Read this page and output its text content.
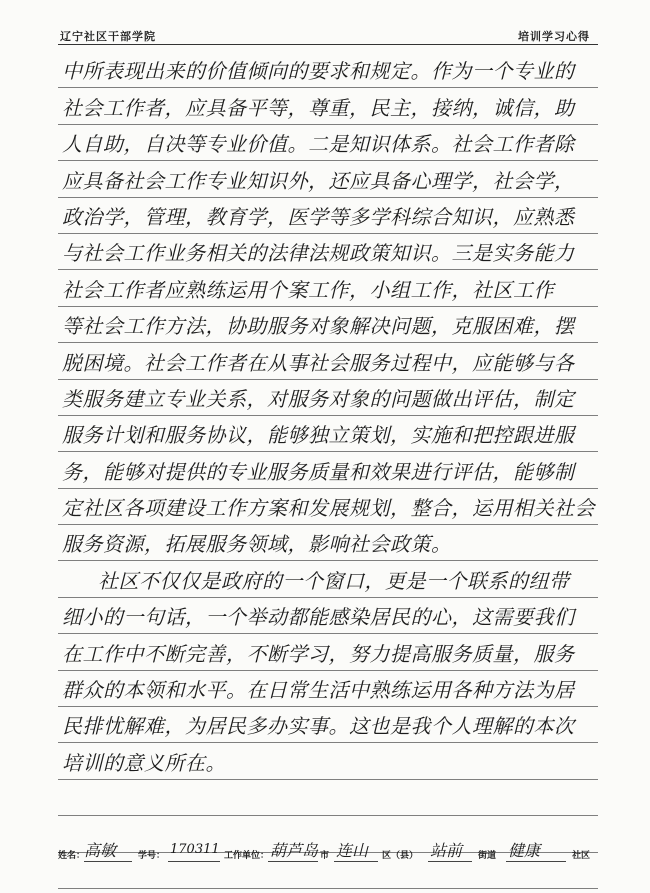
辽宁社区干部学院	培训学习心得
中所表现出来的价值倾向的要求和规定。作为一个专业的
社会工作者，应具备平等，尊重，民主，接纳，诚信，助
人自助，自决等专业价值。二是知识体系。社会工作者除
应具备社会工作专业知识外，还应具备心理学，社会学，
政治学，管理，教育学，医学等多学科综合知识，应熟悉
与社会工作业务相关的法律法规政策知识。三是实务能力
社会工作者应熟练运用个案工作，小组工作，社区工作
等社会工作方法，协助服务对象解决问题，克服困难，摆
脱困境。社会工作者在从事社会服务过程中，应能够与各
类服务建立专业关系，对服务对象的问题做出评估，制定
服务计划和服务协议，能够独立策划，实施和把控跟进服
务，能够对提供的专业服务质量和效果进行评估，能够制
定社区各项建设工作方案和发展规划，整合，运用相关社会
服务资源，拓展服务领域，影响社会政策。
社区不仅仅是政府的一个窗口，更是一个联系的纽带
细小的一句话，一个举动都能感染居民的心，这需要我们
在工作中不断完善，不断学习，努力提高服务质量，服务
群众的本领和水平。在日常生活中熟练运用各种方法为居
民排忧解难，为居民多办实事。这也是我个人理解的本次
培训的意义所在。
姓名：
高敏 学号： 170311 工作单位： 葫芦岛 市 连山 区（县） 站前 街道 健康	社区
